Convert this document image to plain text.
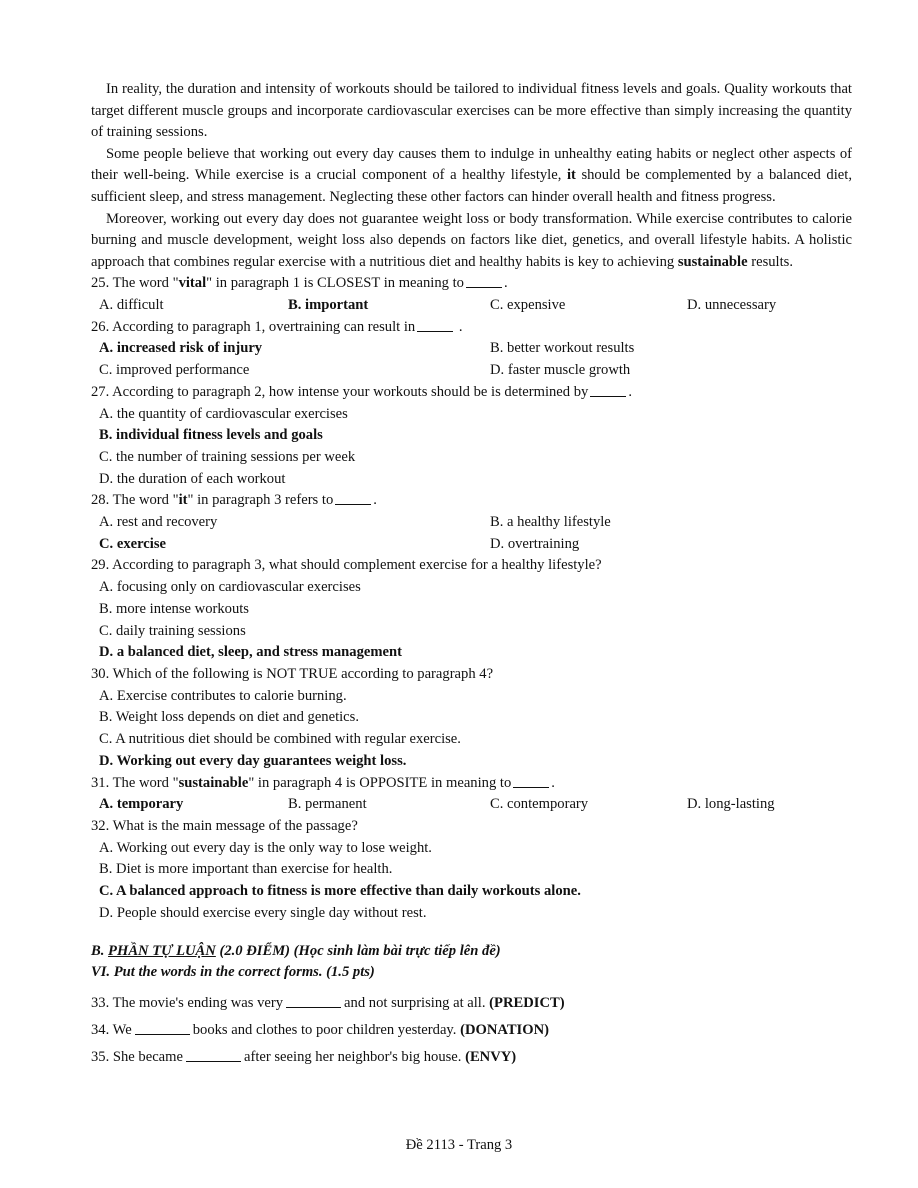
In reality, the duration and intensity of workouts should be tailored to individual fitness levels and goals. Quality workouts that target different muscle groups and incorporate cardiovascular exercises can be more effective than simply increasing the quantity of training sessions.

Some people believe that working out every day causes them to indulge in unhealthy eating habits or neglect other aspects of their well-being. While exercise is a crucial component of a healthy lifestyle, it should be complemented by a balanced diet, sufficient sleep, and stress management. Neglecting these other factors can hinder overall health and fitness progress.

Moreover, working out every day does not guarantee weight loss or body transformation. While exercise contributes to calorie burning and muscle development, weight loss also depends on factors like diet, genetics, and overall lifestyle habits. A holistic approach that combines regular exercise with a nutritious diet and healthy habits is key to achieving sustainable results.

25. The word "vital" in paragraph 1 is CLOSEST in meaning to	.
A. difficult	B. important	C. expensive	D. unnecessary
26. According to paragraph 1, overtraining can result in	.
A. increased risk of injury	B. better workout results
C. improved performance	D. faster muscle growth
27. According to paragraph 2, how intense your workouts should be is determined by	.
A. the quantity of cardiovascular exercises
B. individual fitness levels and goals
C. the number of training sessions per week
D. the duration of each workout
28. The word "it" in paragraph 3 refers to	.
A. rest and recovery	B. a healthy lifestyle
C. exercise	D. overtraining
29. According to paragraph 3, what should complement exercise for a healthy lifestyle?
A. focusing only on cardiovascular exercises
B. more intense workouts
C. daily training sessions
D. a balanced diet, sleep, and stress management
30. Which of the following is NOT TRUE according to paragraph 4?
A. Exercise contributes to calorie burning.
B. Weight loss depends on diet and genetics.
C. A nutritious diet should be combined with regular exercise.
D. Working out every day guarantees weight loss.
31. The word "sustainable" in paragraph 4 is OPPOSITE in meaning to	.
A. temporary	B. permanent	C. contemporary	D. long-lasting
32. What is the main message of the passage?
A. Working out every day is the only way to lose weight.
B. Diet is more important than exercise for health.
C. A balanced approach to fitness is more effective than daily workouts alone.
D. People should exercise every single day without rest.
B. PHẦN TỰ LUẬN (2.0 ĐIỂM) (Học sinh làm bài trực tiếp lên đề)
VI. Put the words in the correct forms. (1.5 pts)
33. The movie's ending was very	and not surprising at all. (PREDICT)
34. We	books and clothes to poor children yesterday. (DONATION)
35. She became	after seeing her neighbor's big house. (ENVY)
Đề 2113 - Trang 3
